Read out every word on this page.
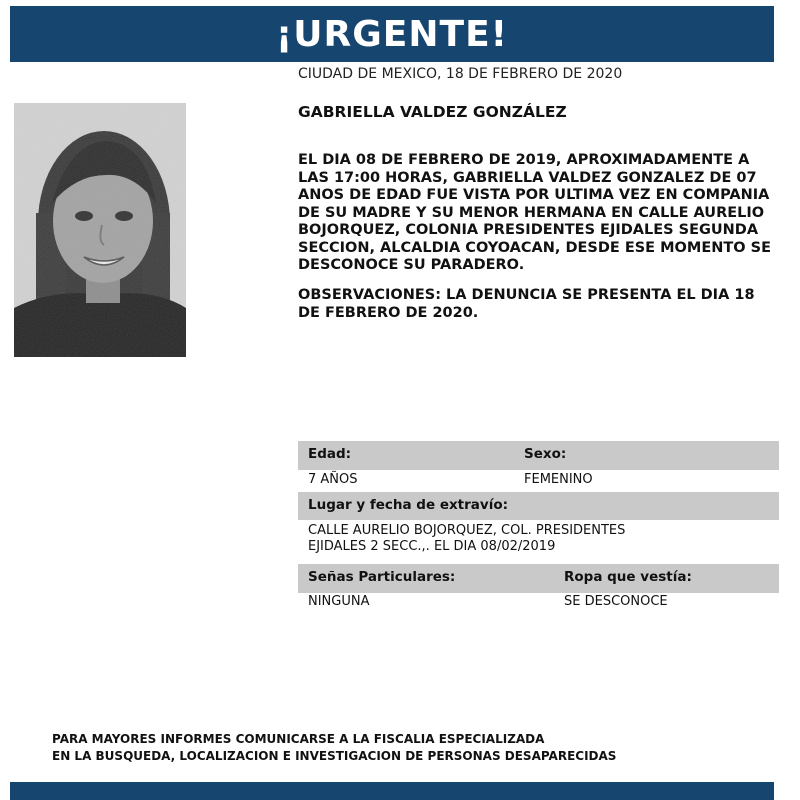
¡URGENTE!
CIUDAD DE MEXICO, 18 DE FEBRERO DE 2020
GABRIELLA VALDEZ GONZÁLEZ

EL DIA 08 DE FEBRERO DE 2019, APROXIMADAMENTE A LAS 17:00 HORAS, GABRIELLA VALDEZ GONZALEZ DE 07 ANOS DE EDAD FUE VISTA POR ULTIMA VEZ EN COMPANIA DE SU MADRE Y SU MENOR HERMANA EN CALLE AURELIO BOJORQUEZ, COLONIA PRESIDENTES EJIDALES SEGUNDA SECCION, ALCALDIA COYOACAN, DESDE ESE MOMENTO SE DESCONOCE SU PARADERO.

OBSERVACIONES: LA DENUNCIA SE PRESENTA EL DIA 18 DE FEBRERO DE 2020.

Edad:	Sexo:
7 AÑOS	FEMENINO
Lugar y fecha de extravío:
CALLE AURELIO BOJORQUEZ, COL. PRESIDENTES
EJIDALES 2 SECC.,. EL DIA 08/02/2019
Señas Particulares:	Ropa que vestía:
NINGUNA	SE DESCONOCE
PARA MAYORES INFORMES COMUNICARSE A LA FISCALIA ESPECIALIZADA
EN LA BUSQUEDA, LOCALIZACION E INVESTIGACION DE PERSONAS DESAPARECIDAS
